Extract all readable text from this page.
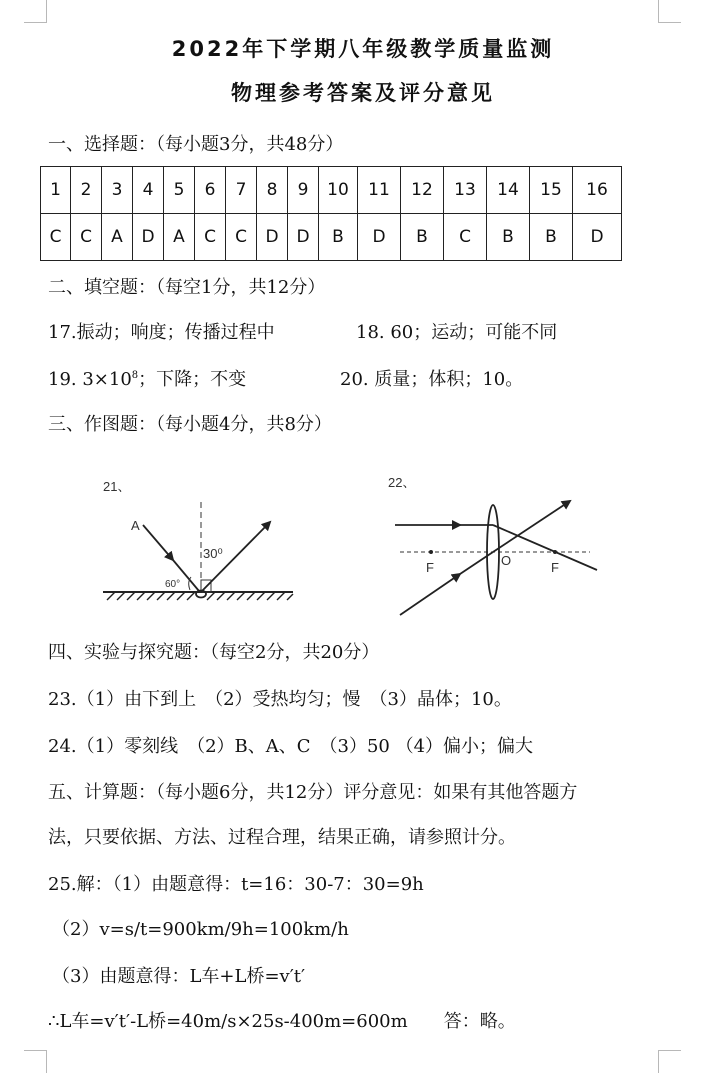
2022年下学期八年级教学质量监测
物理参考答案及评分意见
一、选择题：（每小题3分，共48分）
1	2	3	4	5	6	7	8	9	10	11	12	13	14	15	16
C	C	A	D	A	C	C	D	D	B	D	B	C	B	B	D
二、填空题：（每空1分，共12分）
17.振动；响度；传播过程中	18. 60；运动；可能不同
19. $3\times 10^8$；下降；不变	20. 质量；体积；10。
三、作图题：（每小题4分，共8分）
21、
A
30⁰
60°
22、
F	O	F
四、实验与探究题：（每空2分，共20分）
23.（1）由下到上　（2）受热均匀；慢　（3）晶体；10。
24.（1）零刻线　（2）B、A、C　（3）50 （4）偏小；偏大
五、计算题：（每小题6分，共12分）评分意见：如果有其他答题方
法，只要依据、方法、过程合理，结果正确，请参照计分。
25.解：（1）由题意得：t=16：30-7：30=9h
（2）v=s/t=900km/9h=100km/h
（3）由题意得：L车+L桥=v′t′
∴L车=v′t′-L桥=40m/s×25s-400m=600m　　答：略。
